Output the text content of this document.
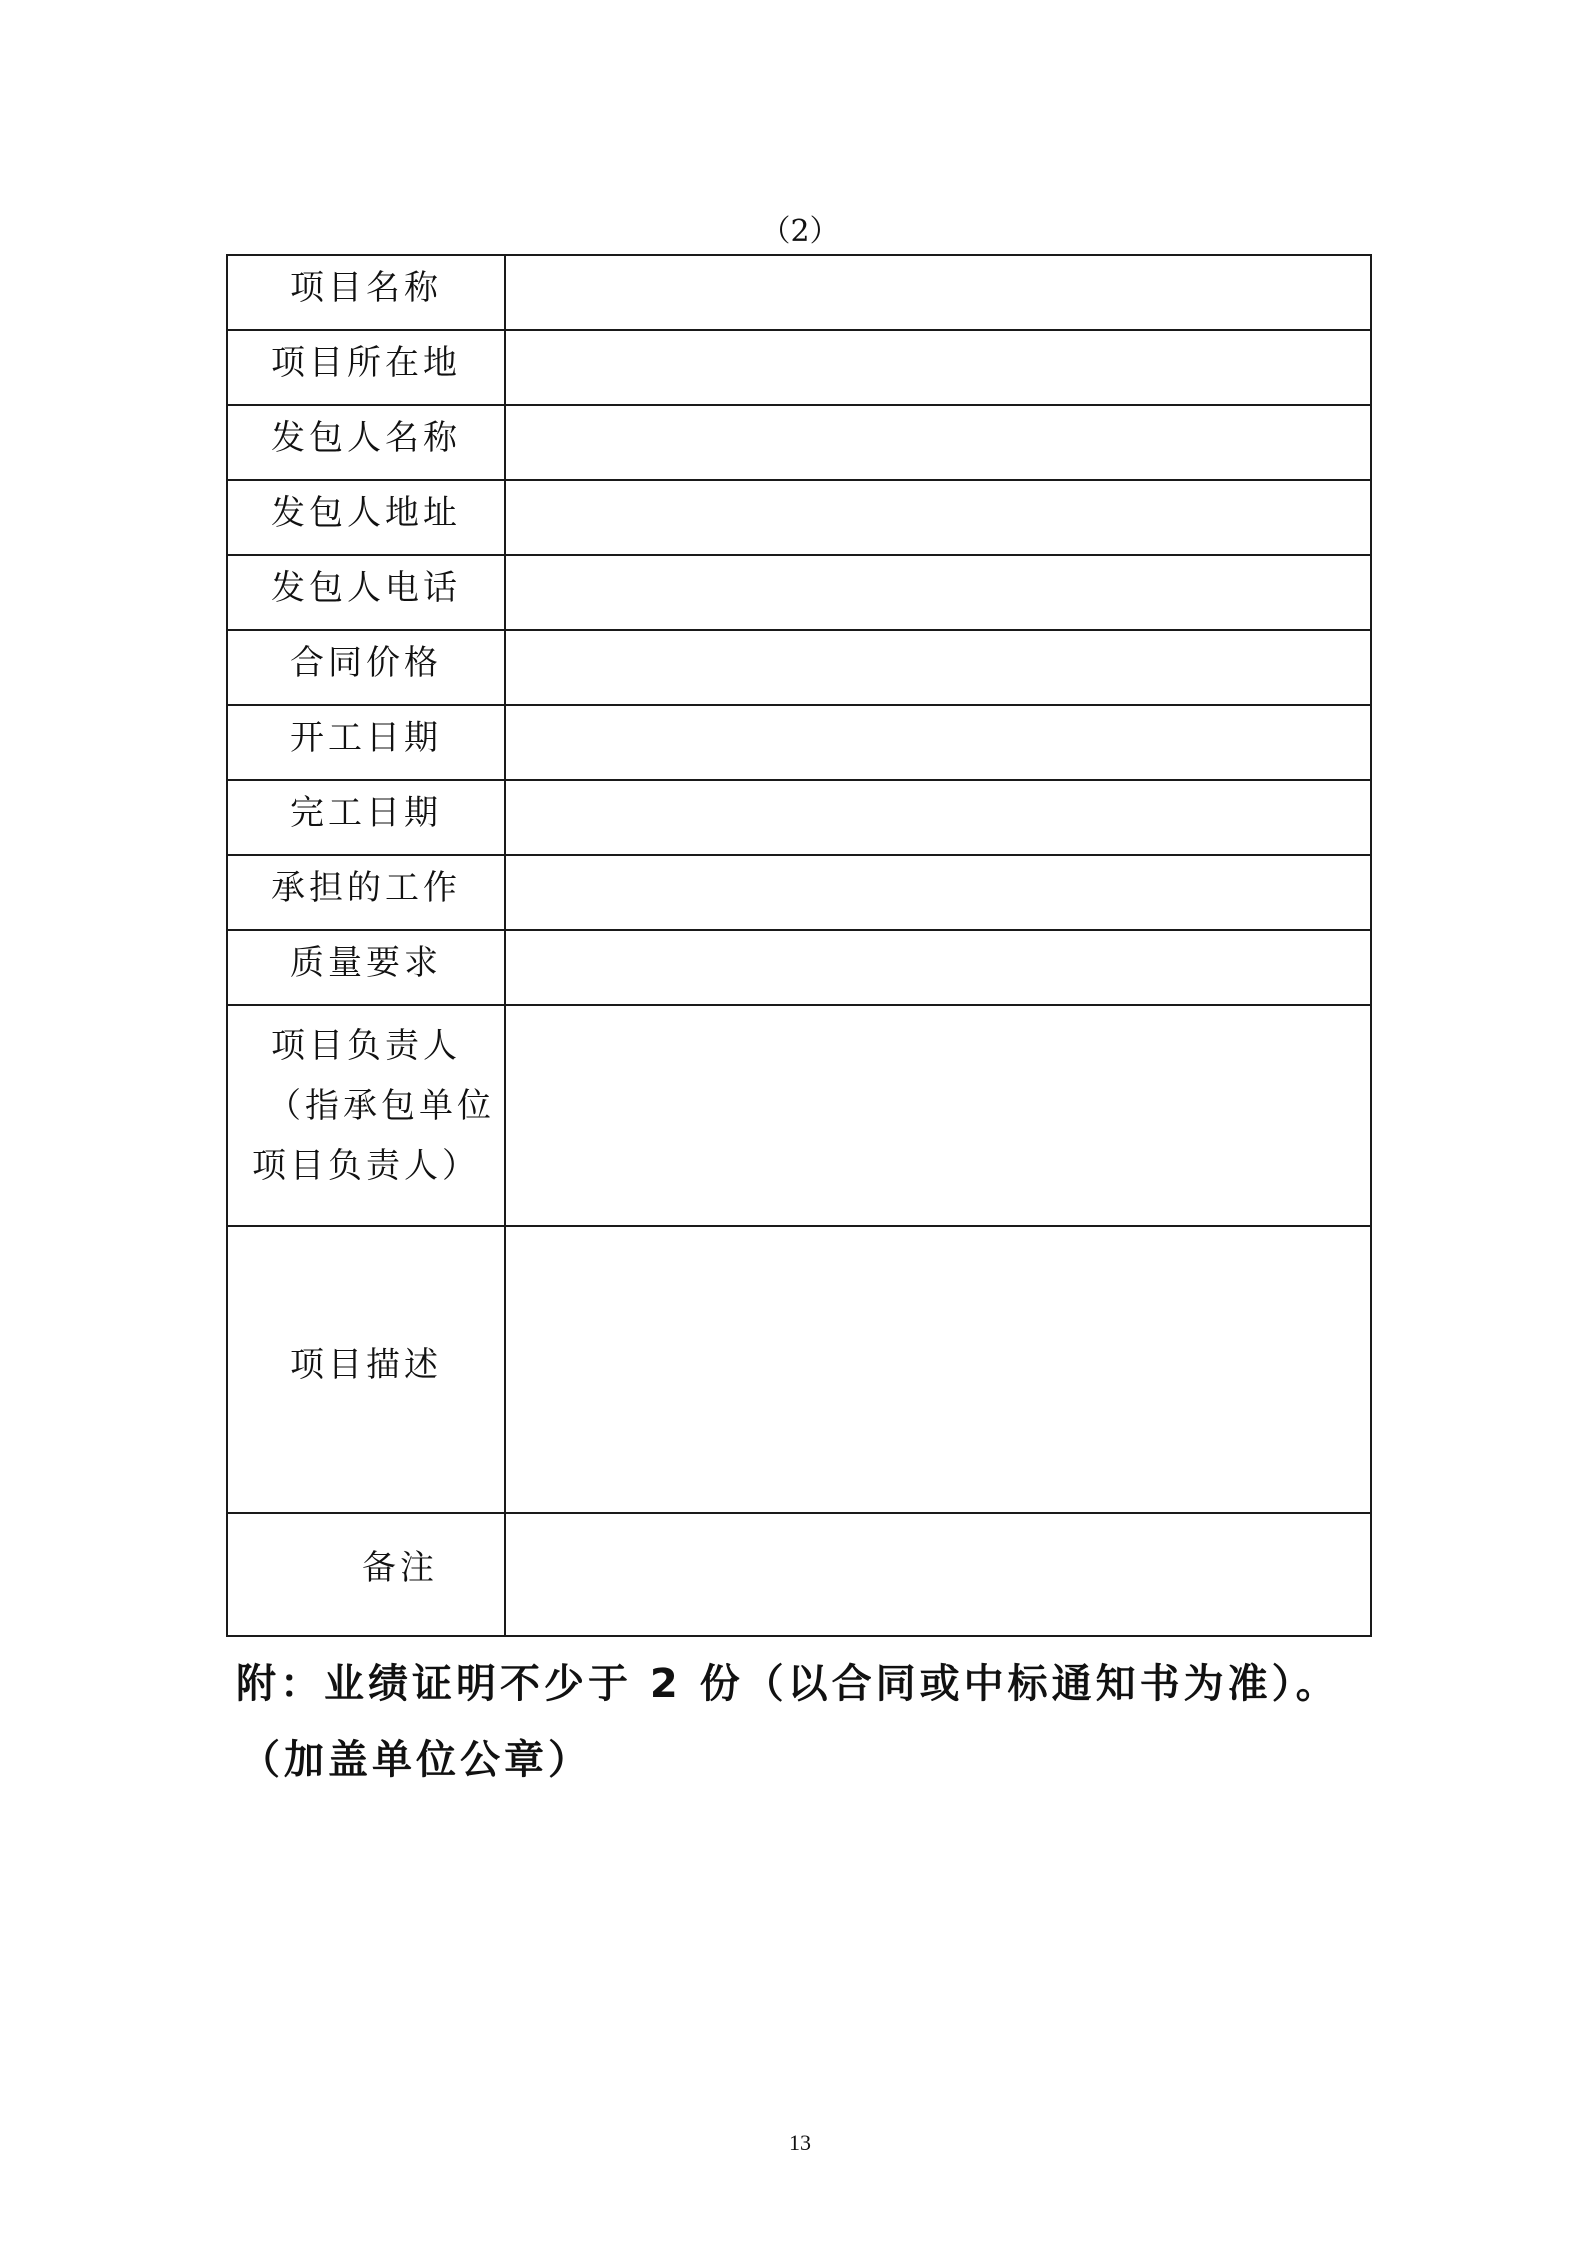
（2）
项目名称	
项目所在地	
发包人名称	
发包人地址	
发包人电话	
合同价格	
开工日期	
完工日期	
承担的工作	
质量要求	

项目负责人
（指承包单位
项目负责人）	

项目描述	
备注	
附：业绩证明不少于 2 份（以合同或中标通知书为准）。
（加盖单位公章）
13
